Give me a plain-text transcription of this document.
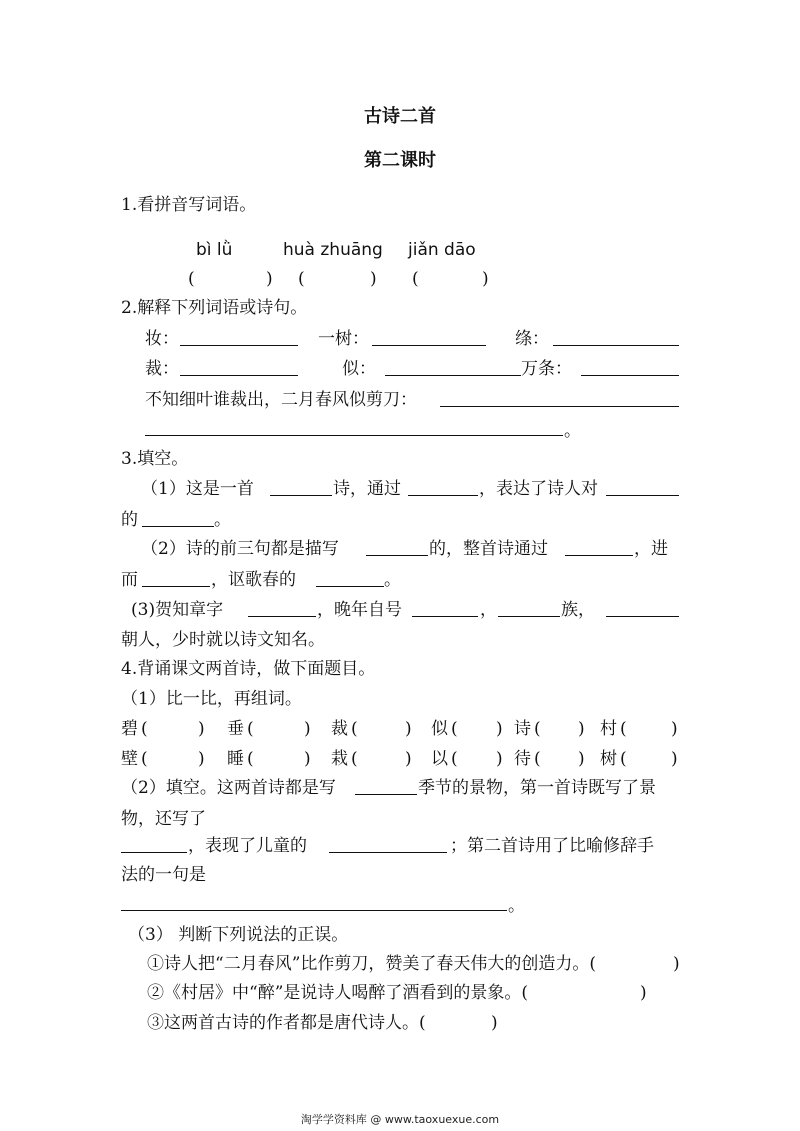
古诗二首
第二课时
1.看拼音写词语。
bì lǜ	huà zhuāng jiǎn dāo
(	) (	) (	)
2.解释下列词语或诗句。
妆：	一树：	绦：
裁：	似：	万条：
不知细叶谁裁出，二月春风似剪刀：
。
3.填空。
（1）这是一首	诗，通过	，表达了诗人对
的	。
（2）诗的前三句都是描写	的，整首诗通过	，进
而	，讴歌春的	。
(3)贺知章字	，晚年自号	，	族，
朝人，少时就以诗文知名。
4.背诵课文两首诗，做下面题目。
（1）比一比，再组词。
碧 (	) 垂 (	) 裁 (	) 似 ( ) 诗 ( ) 村 (	)
壁 (	) 睡 (	) 栽 (	) 以 ( ) 待 ( ) 树 (	)
（2）填空。这两首诗都是写	季节的景物，第一首诗既写了景
物，还写了
，表现了儿童的	；第二首诗用了比喻修辞手
法的一句是
。
（3） 判断下列说法的正误。
①诗人把“二月春风”比作剪刀，赞美了春天伟大的创造力。(	)
②《村居》中“醉”是说诗人喝醉了酒看到的景象。(	)
③这两首古诗的作者都是唐代诗人。(	)
淘学学资料库 @ www.taoxuexue.com
